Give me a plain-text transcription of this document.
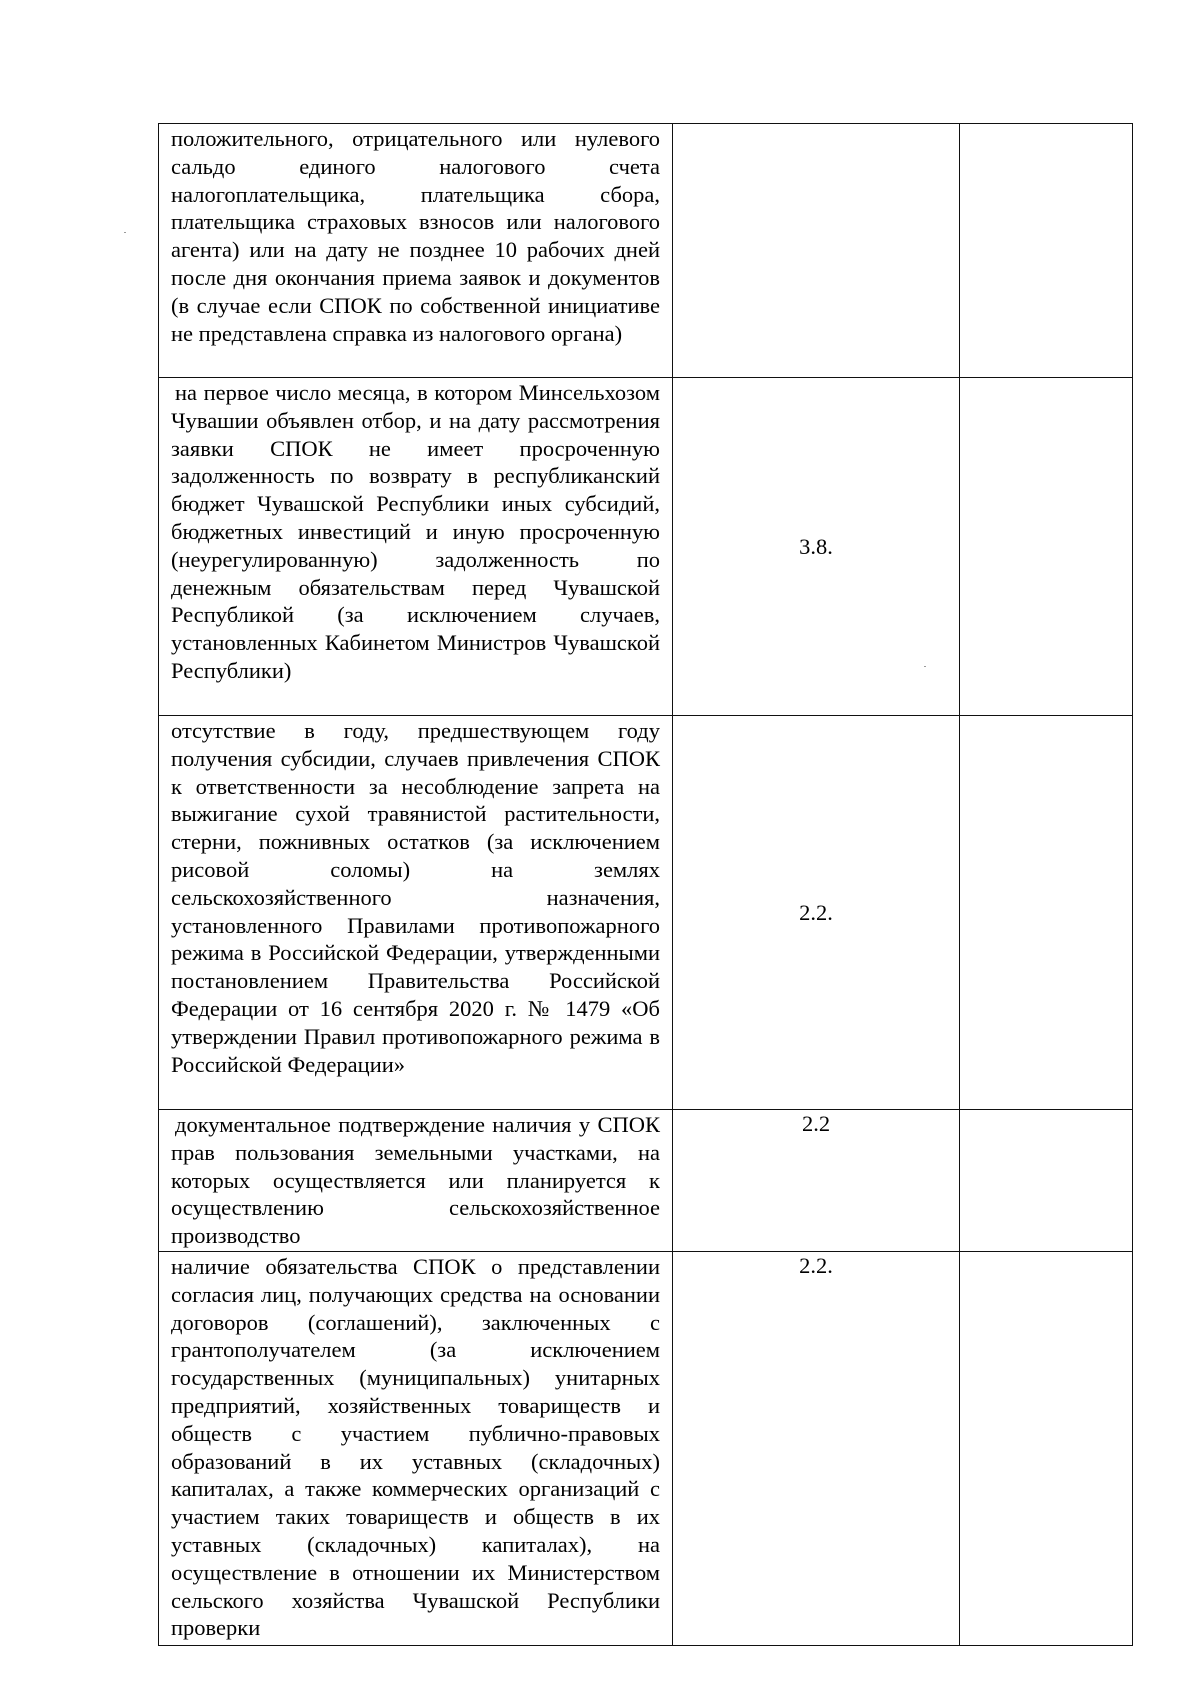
положительного, отрицательного или нулевого сальдо единого налогового счета налогоплательщика, плательщика сбора, плательщика страховых взносов или налогового агента) или на дату не позднее 10 рабочих дней после дня окончания приема заявок и документов (в случае если СПОК по собственной инициативе не представлена справка из налогового органа)		

на первое число месяца, в котором Минсельхозом Чувашии объявлен отбор, и на дату рассмотрения заявки СПОК не имеет просроченную задолженность по возврату в республиканский бюджет Чувашской Республики иных субсидий, бюджетных инвестиций и иную просроченную (неурегулированную) задолженность по денежным обязательствам перед Чувашской Республикой (за исключением случаев, установленных Кабинетом Министров Чувашской Республики)	3.8.	

отсутствие в году, предшествующем году получения субсидии, случаев привлечения СПОК к ответственности за несоблюдение запрета на выжигание сухой травянистой растительности, стерни, пожнивных остатков (за исключением рисовой соломы) на землях сельскохозяйственного назначения, установленного Правилами противопожарного режима в Российской Федерации, утвержденными постановлением Правительства Российской Федерации от 16 сентября 2020 г. № 1479 «Об утверждении Правил противопожарного режима в Российской Федерации»	2.2.	

документальное подтверждение наличия у СПОК прав пользования земельными участками, на которых осуществляется или планируется к осуществлению сельскохозяйственное производство	2.2	

наличие обязательства СПОК о представлении согласия лиц, получающих средства на основании договоров (соглашений), заключенных с грантополучателем (за исключением государственных (муниципальных) унитарных предприятий, хозяйственных товариществ и обществ с участием публично-правовых образований в их уставных (складочных) капиталах, а также коммерческих организаций с участием таких товариществ и обществ в их уставных (складочных) капиталах), на осуществление в отношении их Министерством сельского хозяйства Чувашской Республики проверки	2.2.	
